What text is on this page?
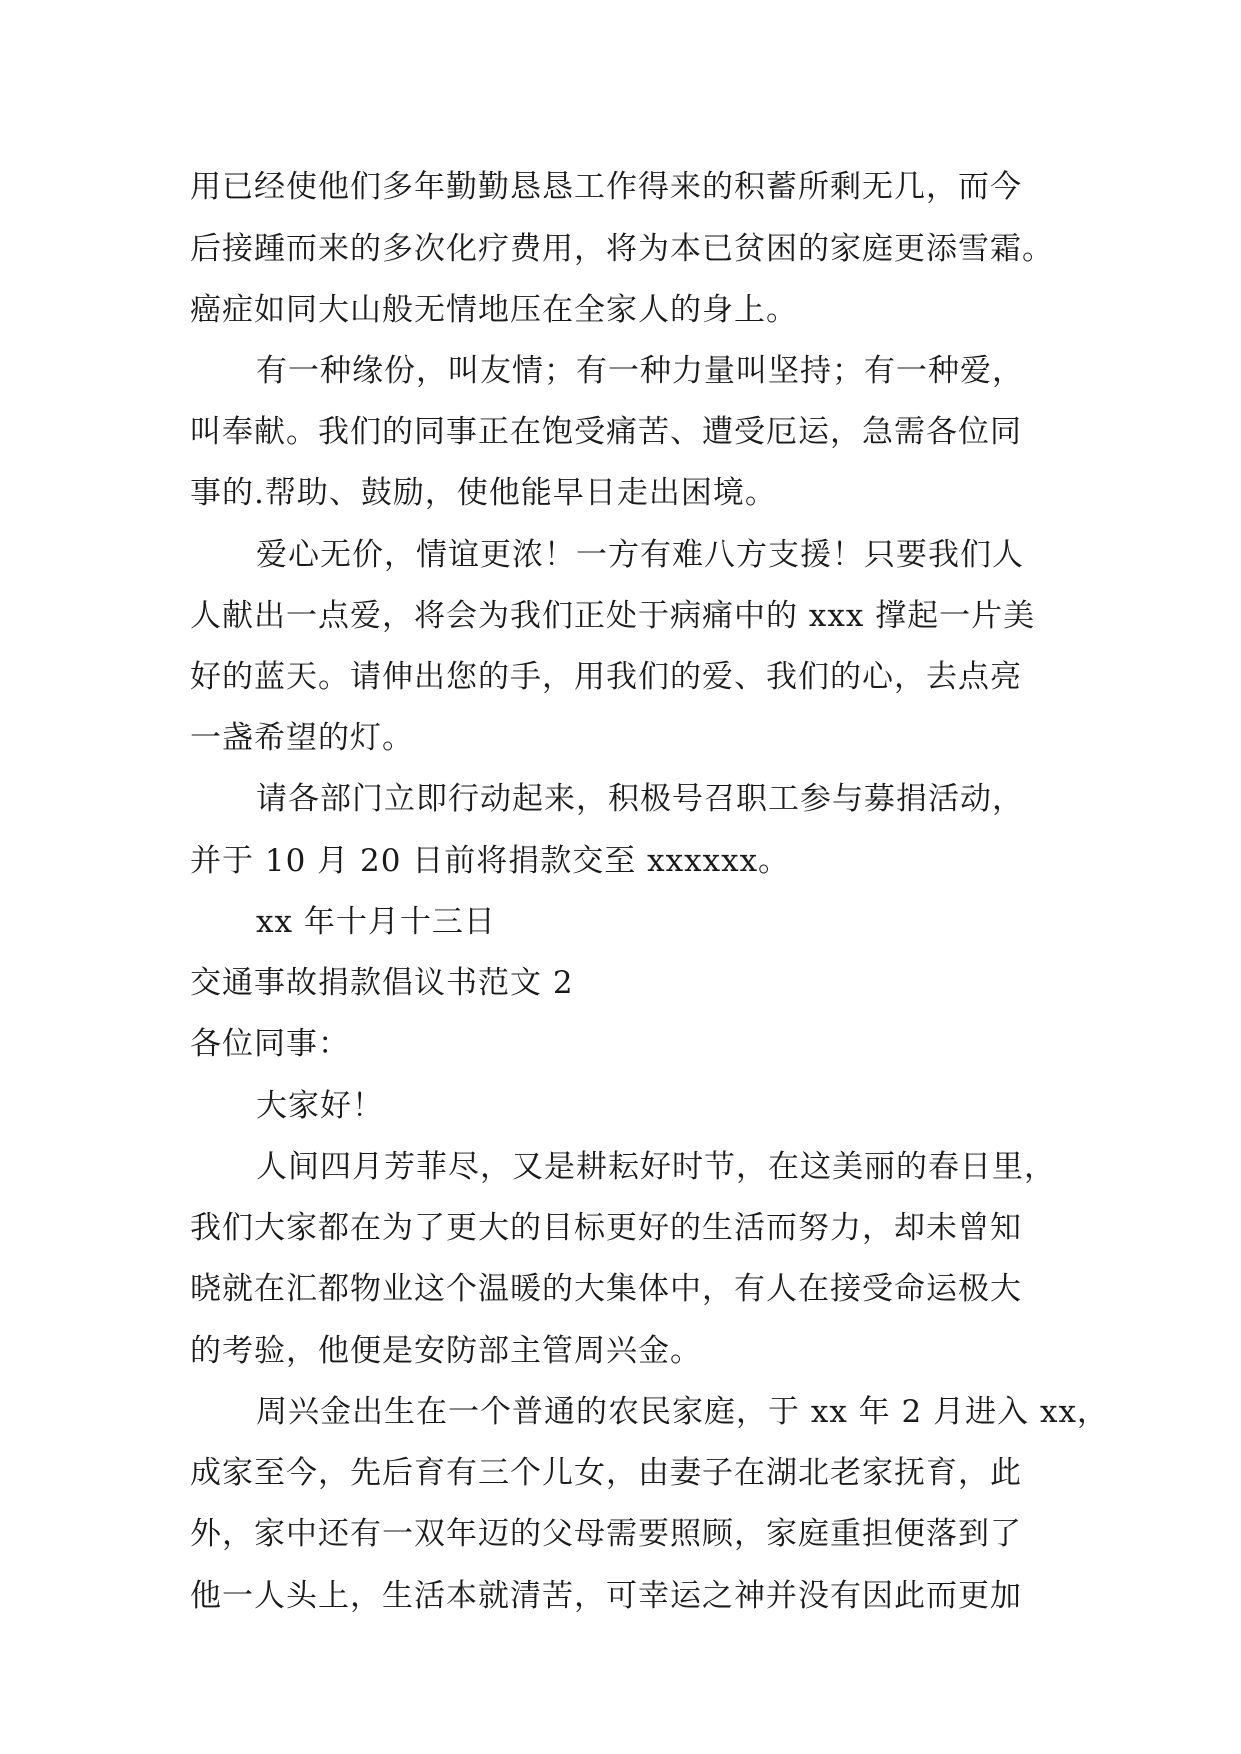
用已经使他们多年勤勤恳恳工作得来的积蓄所剩无几，而今
后接踵而来的多次化疗费用，将为本已贫困的家庭更添雪霜。
癌症如同大山般无情地压在全家人的身上。
有一种缘份，叫友情；有一种力量叫坚持；有一种爱，
叫奉献。我们的同事正在饱受痛苦、遭受厄运，急需各位同
事的.帮助、鼓励，使他能早日走出困境。
爱心无价，情谊更浓！一方有难八方支援！只要我们人
人献出一点爱，将会为我们正处于病痛中的 xxx 撑起一片美
好的蓝天。请伸出您的手，用我们的爱、我们的心，去点亮
一盏希望的灯。
请各部门立即行动起来，积极号召职工参与募捐活动，
并于 10 月 20 日前将捐款交至 xxxxxx。
xx 年十月十三日
交通事故捐款倡议书范文 2
各位同事：
大家好！
人间四月芳菲尽，又是耕耘好时节，在这美丽的春日里，
我们大家都在为了更大的目标更好的生活而努力，却未曾知
晓就在汇都物业这个温暖的大集体中，有人在接受命运极大
的考验，他便是安防部主管周兴金。
周兴金出生在一个普通的农民家庭，于 xx 年 2 月进入 xx，
成家至今，先后育有三个儿女，由妻子在湖北老家抚育，此
外，家中还有一双年迈的父母需要照顾，家庭重担便落到了
他一人头上，生活本就清苦，可幸运之神并没有因此而更加
